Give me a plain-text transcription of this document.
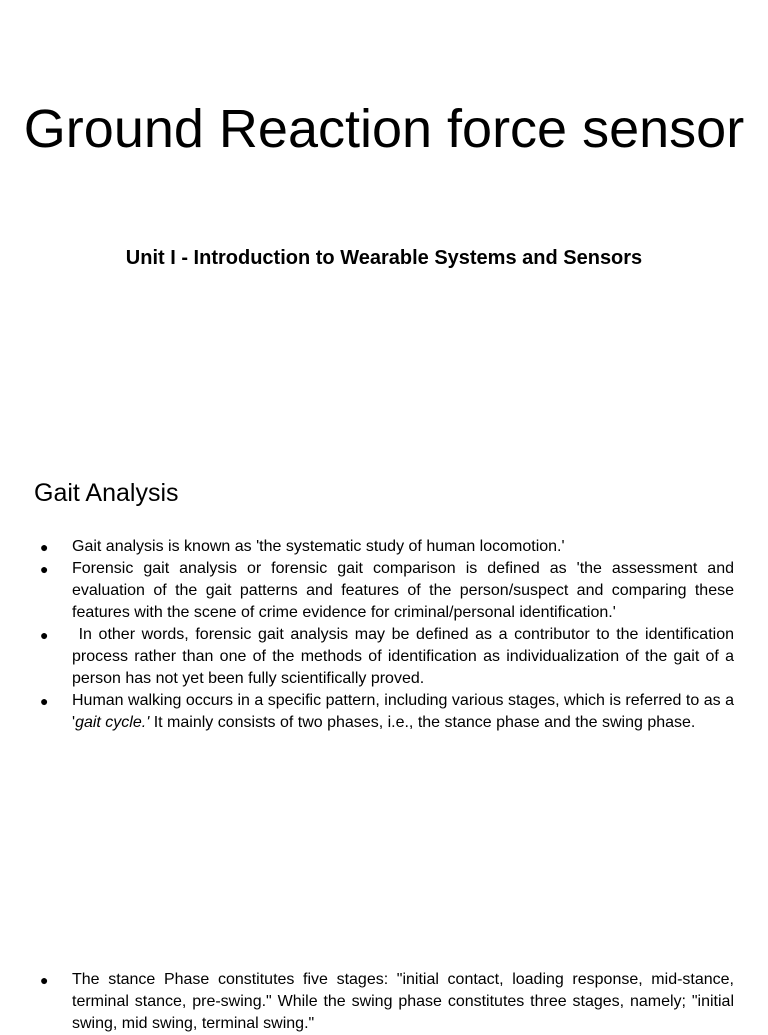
Ground Reaction force sensor
Unit I - Introduction to Wearable Systems and Sensors
Gait Analysis
● Gait analysis is known as 'the systematic study of human locomotion.'
● Forensic gait analysis or forensic gait comparison is defined as 'the assessment and evaluation of the gait patterns and features of the person/suspect and comparing these features with the scene of crime evidence for criminal/personal identification.'
● In other words, forensic gait analysis may be defined as a contributor to the identification process rather than one of the methods of identification as individualization of the gait of a person has not yet been fully scientifically proved.
● Human walking occurs in a specific pattern, including various stages, which is referred to as a 'gait cycle.' It mainly consists of two phases, i.e., the stance phase and the swing phase.
● The stance Phase constitutes five stages: "initial contact, loading response, mid-stance, terminal stance, pre-swing." While the swing phase constitutes three stages, namely; "initial swing, mid swing, terminal swing."
